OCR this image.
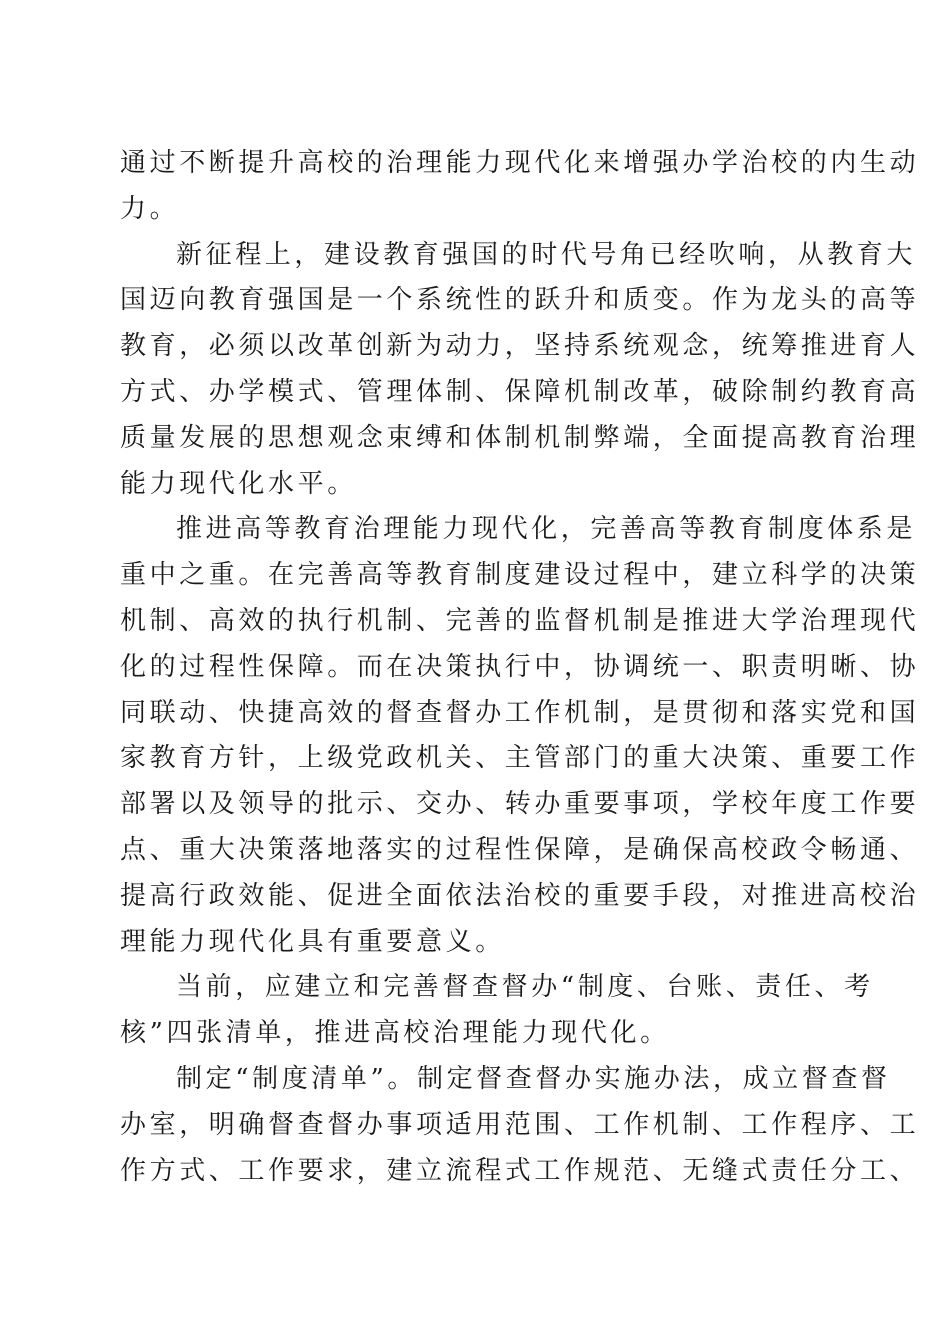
通过不断提升高校的治理能力现代化来增强办学治校的内生动
力。
新征程上，建设教育强国的时代号角已经吹响，从教育大
国迈向教育强国是一个系统性的跃升和质变。作为龙头的高等
教育，必须以改革创新为动力，坚持系统观念，统筹推进育人
方式、办学模式、管理体制、保障机制改革，破除制约教育高
质量发展的思想观念束缚和体制机制弊端，全面提高教育治理
能力现代化水平。
推进高等教育治理能力现代化，完善高等教育制度体系是
重中之重。在完善高等教育制度建设过程中，建立科学的决策
机制、高效的执行机制、完善的监督机制是推进大学治理现代
化的过程性保障。而在决策执行中，协调统一、职责明晰、协
同联动、快捷高效的督查督办工作机制，是贯彻和落实党和国
家教育方针，上级党政机关、主管部门的重大决策、重要工作
部署以及领导的批示、交办、转办重要事项，学校年度工作要
点、重大决策落地落实的过程性保障，是确保高校政令畅通、
提高行政效能、促进全面依法治校的重要手段，对推进高校治
理能力现代化具有重要意义。
当前，应建立和完善督查督办“制度、台账、责任、考
核”四张清单，推进高校治理能力现代化。
制定“制度清单”。制定督查督办实施办法，成立督查督
办室，明确督查督办事项适用范围、工作机制、工作程序、工
作方式、工作要求，建立流程式工作规范、无缝式责任分工、
